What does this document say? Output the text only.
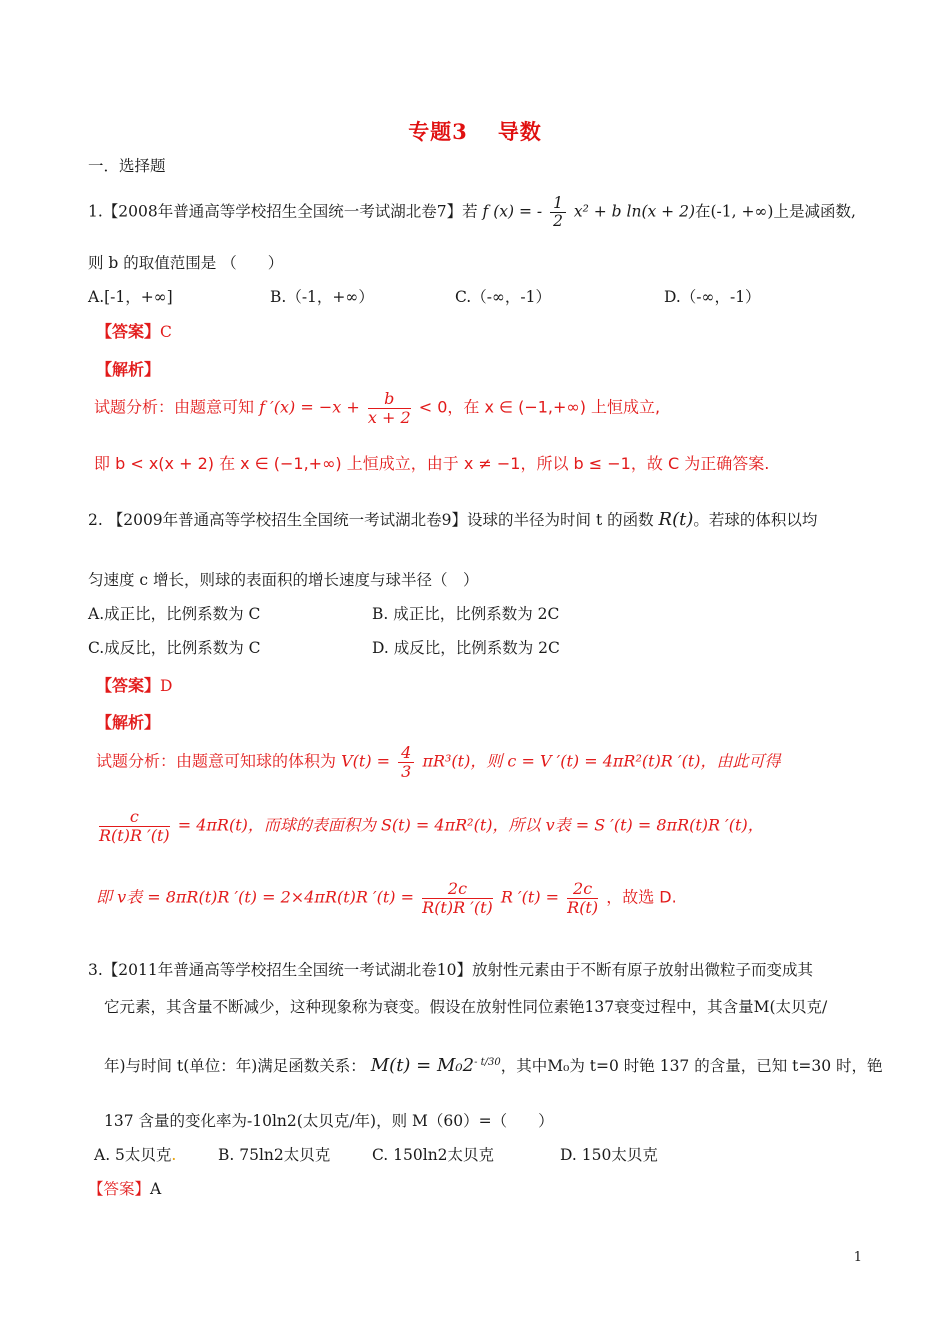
专题3 导数
一．选择题
1.【2008年普通高等学校招生全国统一考试湖北卷7】若 f (x) = - $\frac{1}{2} x^2 + b$ ln(x + 2)在(-1, +∞)上是减函数,
则 b 的取值范围是 （　　）
A.[-1，+∞]	B.（-1，+∞）	C.（-∞，-1）	D.（-∞，-1）
【答案】C
【解析】
试题分析：由题意可知 f $'(x) = -x + \frac{b}{x + 2} < 0$，在 x ∈ (−1,+∞) 上恒成立,
即 b < x(x + 2) 在 x ∈ (−1,+∞) 上恒成立，由于 x ≠ −1，所以 b ≤ −1，故 C 为正确答案.
2. 【2009年普通高等学校招生全国统一考试湖北卷9】设球的半径为时间 t 的函数 R(t)。若球的体积以均
匀速度 c 增长，则球的表面积的增长速度与球半径（　）
A.成正比，比例系数为 C	B. 成正比，比例系数为 2C
C.成反比，比例系数为 C	D. 成反比，比例系数为 2C
【答案】D
【解析】
试题分析：由题意可知球的体积为 $V(t) = \frac{4}{3} \pi R^3(t)$，则 c = V ′(t) = 4πR²(t)R ′(t)，由此可得
$\frac{c}{R(t)R '(t)} = 4\pi R(t)$，而球的表面积为 S(t) = 4πR²(t)，所以 v表 = S ′(t) = 8πR(t)R ′(t)，
即 v表 = 8πR(t)R ′(t) = 2×4πR(t)R $'(t) = \frac{2c}{R(t)R '(t)}$ R $'(t) = \frac{2c}{R(t)}$ ，故选 D.
3.【2011年普通高等学校招生全国统一考试湖北卷10】放射性元素由于不断有原子放射出微粒子而变成其
它元素，其含量不断减少，这种现象称为衰变。假设在放射性同位素铯137衰变过程中，其含量M(太贝克/
年)与时间 t(单位：年)满足函数关系： $M(t) = M_02^{- t/30}$，其中M₀为 t=0 时铯 137 的含量，已知 t=30 时，铯
137 含量的变化率为-10ln2(太贝克/年)，则 M（60）=（　　）
A. 5太贝克.	B. 75ln2太贝克	C. 150ln2太贝克	D. 150太贝克
【答案】A
1
